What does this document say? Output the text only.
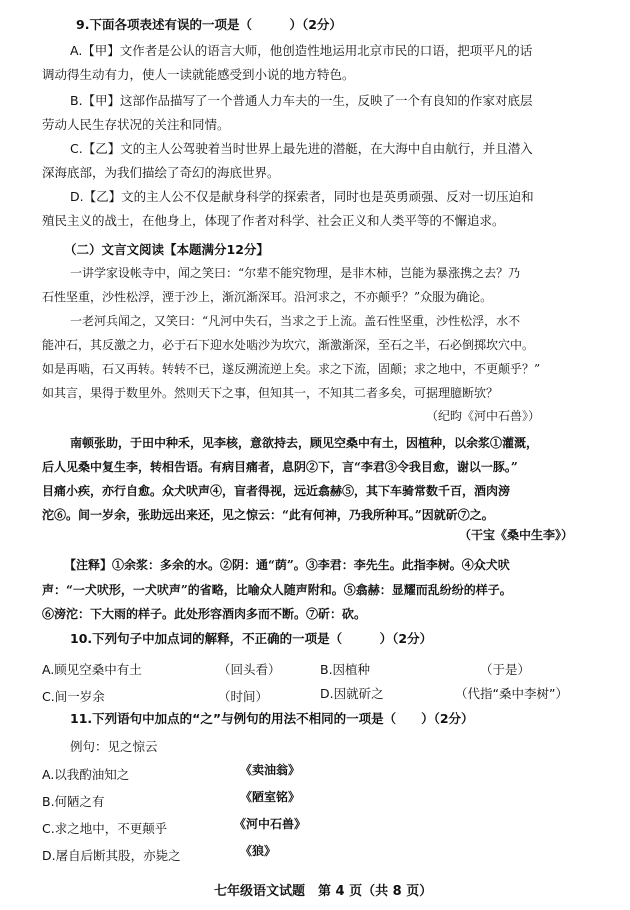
9.下面各项表述有误的一项是（　　　）（2分）
A.【甲】文作者是公认的语言大师，他创造性地运用北京市民的口语，把项平凡的话
调动得生动有力，使人一读就能感受到小说的地方特色。
B.【甲】这部作品描写了一个普通人力车夫的一生，反映了一个有良知的作家对底层
劳动人民生存状况的关注和同情。
C.【乙】文的主人公驾驶着当时世界上最先进的潜艇，在大海中自由航行，并且潜入
深海底部，为我们描绘了奇幻的海底世界。
D.【乙】文的主人公不仅是献身科学的探索者，同时也是英勇顽强、反对一切压迫和
殖民主义的战士，在他身上，体现了作者对科学、社会正义和人类平等的不懈追求。
（二）文言文阅读【本题满分12分】
一讲学家设帐寺中，闻之笑曰：“尔辈不能究物理，是非木柿，岂能为暴涨携之去？乃
石性坚重，沙性松浮，湮于沙上，渐沉渐深耳。沿河求之，不亦颠乎？”众服为确论。
一老河兵闻之，又笑曰：“凡河中失石，当求之于上流。盖石性坚重，沙性松浮，水不
能冲石，其反激之力，必于石下迎水处啮沙为坎穴，渐激渐深，至石之半，石必倒掷坎穴中。
如是再啮，石又再转。转转不已，遂反溯流逆上矣。求之下流，固颠；求之地中，不更颠乎？”
如其言，果得于数里外。然则天下之事，但知其一，不知其二者多矣，可据理臆断欤？
（纪昀《河中石兽》）
南顿张助，于田中种禾，见李核，意欲持去，顾见空桑中有土，因植种，以余浆①灌溉，
后人见桑中复生李，转相告语。有病目痛者，息阴②下，言“李君③令我目愈，谢以一豚。”
目痛小疾，亦行自愈。众犬吠声④，盲者得视，远近翕赫⑤，其下车骑常数千百，酒肉滂
沱⑥。间一岁余，张助远出来还，见之惊云：“此有何神，乃我所种耳。”因就斫⑦之。
（干宝《桑中生李》）
【注释】①余浆：多余的水。②阴：通“荫”。③李君：李先生。此指李树。④众犬吠
声：“一犬吠形，一犬吠声”的省略，比喻众人随声附和。⑤翕赫：显耀而乱纷纷的样子。
⑥滂沱：下大雨的样子。此处形容酒肉多而不断。⑦斫：砍。
10.下列句子中加点词的解释，不正确的一项是（　　　）（2分）
A.顾见空桑中有土	（回头看）	B.因植种	（于是）
C.间一岁余	（时间）	D.因就斫之	（代指“桑中李树”）
11.下列语句中加点的“之”与例句的用法不相同的一项是（　　）（2分）
例句：见之惊云
A.以我酌油知之	《卖油翁》
B.何陋之有	《陋室铭》
C.求之地中，不更颠乎	《河中石兽》
D.屠自后断其股，亦毙之	《狼》
七年级语文试题　第 4 页（共 8 页）
